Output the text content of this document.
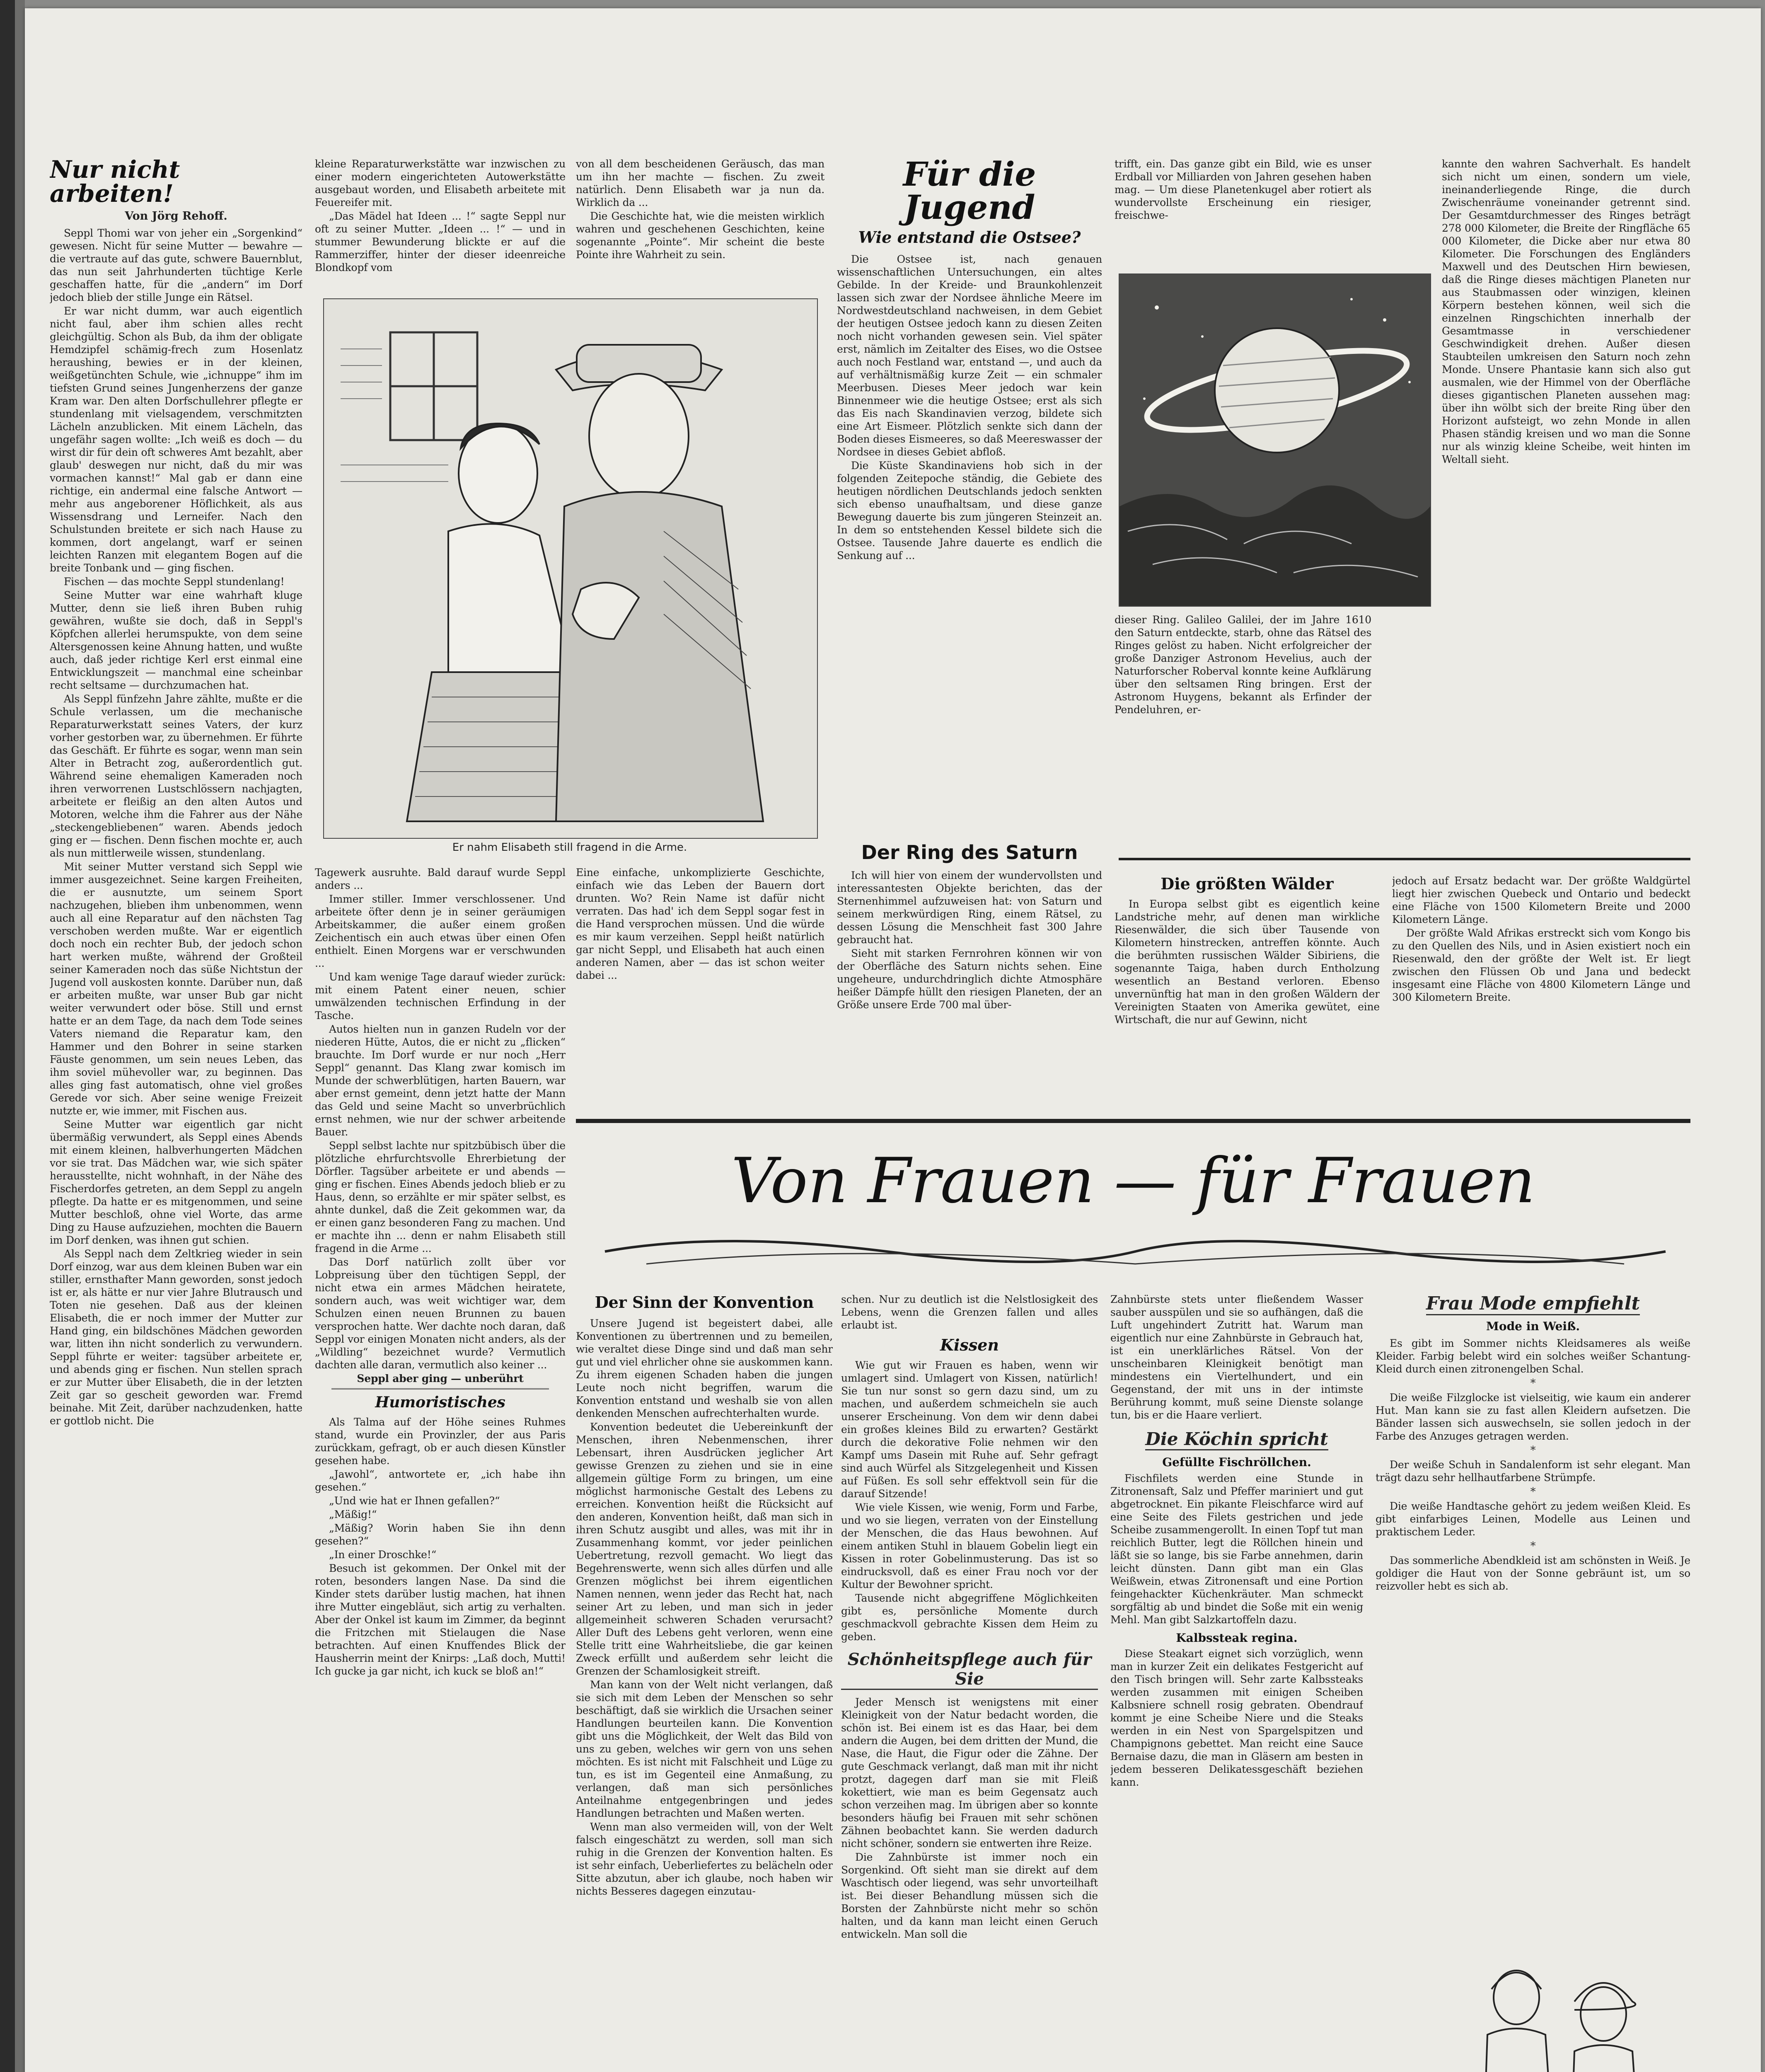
Nur nicht arbeiten!
Von Jörg Rehoff.

Seppl Thomi war von jeher ein „Sorgenkind“ gewesen. Nicht für seine Mutter — bewahre — die vertraute auf das gute, schwere Bauernblut, das nun seit Jahrhunderten tüchtige Kerle geschaffen hatte, für die „andern“ im Dorf jedoch blieb der stille Junge ein Rätsel.

Er war nicht dumm, war auch eigentlich nicht faul, aber ihm schien alles recht gleichgültig. Schon als Bub, da ihm der obligate Hemdzipfel schämig-frech zum Hosenlatz heraushing, bewies er in der kleinen, weißgetünchten Schule, wie „ichnuppe“ ihm im tiefsten Grund seines Jungenherzens der ganze Kram war. Den alten Dorfschullehrer pflegte er stundenlang mit vielsagendem, verschmitzten Lächeln anzublicken. Mit einem Lächeln, das ungefähr sagen wollte: „Ich weiß es doch — du wirst dir für dein oft schweres Amt bezahlt, aber glaub' deswegen nur nicht, daß du mir was vormachen kannst!“ Mal gab er dann eine richtige, ein andermal eine falsche Antwort — mehr aus angeborener Höflichkeit, als aus Wissensdrang und Lerneifer. Nach den Schulstunden breitete er sich nach Hause zu kommen, dort angelangt, warf er seinen leichten Ranzen mit elegantem Bogen auf die breite Tonbank und — ging fischen.

Fischen — das mochte Seppl stundenlang!

Seine Mutter war eine wahrhaft kluge Mutter, denn sie ließ ihren Buben ruhig gewähren, wußte sie doch, daß in Seppl's Köpfchen allerlei herumspukte, von dem seine Altersgenossen keine Ahnung hatten, und wußte auch, daß jeder richtige Kerl erst einmal eine Entwicklungszeit — manchmal eine scheinbar recht seltsame — durchzumachen hat.

Als Seppl fünfzehn Jahre zählte, mußte er die Schule verlassen, um die mechanische Reparaturwerkstatt seines Vaters, der kurz vorher gestorben war, zu übernehmen. Er führte das Geschäft. Er führte es sogar, wenn man sein Alter in Betracht zog, außerordentlich gut. Während seine ehemaligen Kameraden noch ihren verworrenen Lustschlössern nachjagten, arbeitete er fleißig an den alten Autos und Motoren, welche ihm die Fahrer aus der Nähe „steckengebliebenen“ waren. Abends jedoch ging er — fischen. Denn fischen mochte er, auch als nun mittlerweile wissen, stundenlang.

Mit seiner Mutter verstand sich Seppl wie immer ausgezeichnet. Seine kargen Freiheiten, die er ausnutzte, um seinem Sport nachzugehen, blieben ihm unbenommen, wenn auch all eine Reparatur auf den nächsten Tag verschoben werden mußte. War er eigentlich doch noch ein rechter Bub, der jedoch schon hart werken mußte, während der Großteil seiner Kameraden noch das süße Nichtstun der Jugend voll auskosten konnte. Darüber nun, daß er arbeiten mußte, war unser Bub gar nicht weiter verwundert oder böse. Still und ernst hatte er an dem Tage, da nach dem Tode seines Vaters niemand die Reparatur kam, den Hammer und den Bohrer in seine starken Fäuste genommen, um sein neues Leben, das ihm soviel mühevoller war, zu beginnen. Das alles ging fast automatisch, ohne viel großes Gerede vor sich. Aber seine wenige Freizeit nutzte er, wie immer, mit Fischen aus.

Seine Mutter war eigentlich gar nicht übermäßig verwundert, als Seppl eines Abends mit einem kleinen, halbverhungerten Mädchen vor sie trat. Das Mädchen war, wie sich später herausstellte, nicht wohnhaft, in der Nähe des Fischerdorfes getreten, an dem Seppl zu angeln pflegte. Da hatte er es mitgenommen, und seine Mutter beschloß, ohne viel Worte, das arme Ding zu Hause aufzuziehen, mochten die Bauern im Dorf denken, was ihnen gut schien.

Als Seppl nach dem Zeltkrieg wieder in sein Dorf einzog, war aus dem kleinen Buben war ein stiller, ernsthafter Mann geworden, sonst jedoch ist er, als hätte er nur vier Jahre Blutrausch und Toten nie gesehen. Daß aus der kleinen Elisabeth, die er noch immer der Mutter zur Hand ging, ein bildschönes Mädchen geworden war, litten ihn nicht sonderlich zu verwundern. Seppl führte er weiter: tagsüber arbeitete er, und abends ging er fischen. Nun stellen sprach er zur Mutter über Elisabeth, die in der letzten Zeit gar so gescheit geworden war. Fremd beinahe. Mit Zeit, darüber nachzudenken, hatte er gottlob nicht. Die

kleine Reparaturwerkstätte war inzwischen zu einer modern eingerichteten Autowerkstätte ausgebaut worden, und Elisabeth arbeitete mit Feuereifer mit.

„Das Mädel hat Ideen ... !“ sagte Seppl nur oft zu seiner Mutter. „Ideen ... !“ — und in stummer Bewunderung blickte er auf die Rammerziffer, hinter der dieser ideenreiche Blondkopf vom

von all dem bescheidenen Geräusch, das man um ihn her machte — fischen. Zu zweit natürlich. Denn Elisabeth war ja nun da. Wirklich da ...

Die Geschichte hat, wie die meisten wirklich wahren und geschehenen Geschichten, keine sogenannte „Pointe“. Mir scheint die beste Pointe ihre Wahrheit zu sein.

Er nahm Elisabeth still fragend in die Arme.

Tagewerk ausruhte. Bald darauf wurde Seppl anders ...

Immer stiller. Immer verschlossener. Und arbeitete öfter denn je in seiner geräumigen Arbeitskammer, die außer einem großen Zeichentisch ein auch etwas über einen Ofen enthielt. Einen Morgens war er verschwunden ...

Und kam wenige Tage darauf wieder zurück: mit einem Patent einer neuen, schier umwälzenden technischen Erfindung in der Tasche.

Autos hielten nun in ganzen Rudeln vor der niederen Hütte, Autos, die er nicht zu „flicken“ brauchte. Im Dorf wurde er nur noch „Herr Seppl“ genannt. Das Klang zwar komisch im Munde der schwerblütigen, harten Bauern, war aber ernst gemeint, denn jetzt hatte der Mann das Geld und seine Macht so unverbrüchlich ernst nehmen, wie nur der schwer arbeitende Bauer.

Seppl selbst lachte nur spitzbübisch über die plötzliche ehrfurchtsvolle Ehrerbietung der Dörfler. Tagsüber arbeitete er und abends — ging er fischen. Eines Abends jedoch blieb er zu Haus, denn, so erzählte er mir später selbst, es ahnte dunkel, daß die Zeit gekommen war, da er einen ganz besonderen Fang zu machen. Und er machte ihn ... denn er nahm Elisabeth still fragend in die Arme ...

Das Dorf natürlich zollt über vor Lobpreisung über den tüchtigen Seppl, der nicht etwa ein armes Mädchen heiratete, sondern auch, was weit wichtiger war, dem Schulzen einen neuen Brunnen zu bauen versprochen hatte. Wer dachte noch daran, daß Seppl vor einigen Monaten nicht anders, als der „Wildling“ bezeichnet wurde? Vermutlich dachten alle daran, vermutlich also keiner ...

Seppl aber ging — unberührt

Humoristisches

Als Talma auf der Höhe seines Ruhmes stand, wurde ein Provinzler, der aus Paris zurückkam, gefragt, ob er auch diesen Künstler gesehen habe.

„Jawohl“, antwortete er, „ich habe ihn gesehen.“

„Und wie hat er Ihnen gefallen?“

„Mäßig!“

„Mäßig? Worin haben Sie ihn denn gesehen?“

„In einer Droschke!“

Besuch ist gekommen. Der Onkel mit der roten, besonders langen Nase. Da sind die Kinder stets darüber lustig machen, hat ihnen ihre Mutter eingebläut, sich artig zu verhalten. Aber der Onkel ist kaum im Zimmer, da beginnt die Fritzchen mit Stielaugen die Nase betrachten. Auf einen Knuffendes Blick der Hausherrin meint der Knirps: „Laß doch, Mutti! Ich gucke ja gar nicht, ich kuck se bloß an!“

Eine einfache, unkomplizierte Geschichte, einfach wie das Leben der Bauern dort drunten. Wo? Rein Name ist dafür nicht verraten. Das had' ich dem Seppl sogar fest in die Hand versprochen müssen. Und die würde es mir kaum verzeihen. Seppl heißt natürlich gar nicht Seppl, und Elisabeth hat auch einen anderen Namen, aber — das ist schon weiter dabei ...

Für die Jugend
Wie entstand die Ostsee?

Die Ostsee ist, nach genauen wissenschaftlichen Untersuchungen, ein altes Gebilde. In der Kreide- und Braunkohlenzeit lassen sich zwar der Nordsee ähnliche Meere im Nordwestdeutschland nachweisen, in dem Gebiet der heutigen Ostsee jedoch kann zu diesen Zeiten noch nicht vorhanden gewesen sein. Viel später erst, nämlich im Zeitalter des Eises, wo die Ostsee auch noch Festland war, entstand —, und auch da auf verhältnismäßig kurze Zeit — ein schmaler Meerbusen. Dieses Meer jedoch war kein Binnenmeer wie die heutige Ostsee; erst als sich das Eis nach Skandinavien verzog, bildete sich eine Art Eismeer. Plötzlich senkte sich dann der Boden dieses Eismeeres, so daß Meereswasser der Nordsee in dieses Gebiet abfloß.

Die Küste Skandinaviens hob sich in der folgenden Zeitepoche ständig, die Gebiete des heutigen nördlichen Deutschlands jedoch senkten sich ebenso unaufhaltsam, und diese ganze Bewegung dauerte bis zum jüngeren Steinzeit an. In dem so entstehenden Kessel bildete sich die Ostsee. Tausende Jahre dauerte es endlich die Senkung auf ...

trifft, ein. Das ganze gibt ein Bild, wie es unser Erdball vor Milliarden von Jahren gesehen haben mag. — Um diese Planetenkugel aber rotiert als wundervollste Erscheinung ein riesiger, freischwe-

kannte den wahren Sachverhalt. Es handelt sich nicht um einen, sondern um viele, ineinanderliegende Ringe, die durch Zwischenräume voneinander getrennt sind. Der Gesamtdurchmesser des Ringes beträgt 278 000 Kilometer, die Breite der Ringfläche 65 000 Kilometer, die Dicke aber nur etwa 80 Kilometer. Die Forschungen des Engländers Maxwell und des Deutschen Hirn bewiesen, daß die Ringe dieses mächtigen Planeten nur aus Staubmassen oder winzigen, kleinen Körpern bestehen können, weil sich die einzelnen Ringschichten innerhalb der Gesamtmasse in verschiedener Geschwindigkeit drehen. Außer diesen Staubteilen umkreisen den Saturn noch zehn Monde. Unsere Phantasie kann sich also gut ausmalen, wie der Himmel von der Oberfläche dieses gigantischen Planeten aussehen mag: über ihn wölbt sich der breite Ring über den Horizont aufsteigt, wo zehn Monde in allen Phasen ständig kreisen und wo man die Sonne nur als winzig kleine Scheibe, weit hinten im Weltall sieht.

Der Ring des Saturn

Ich will hier von einem der wundervollsten und interessantesten Objekte berichten, das der Sternenhimmel aufzuweisen hat: von Saturn und seinem merkwürdigen Ring, einem Rätsel, zu dessen Lösung die Menschheit fast 300 Jahre gebraucht hat.

Sieht mit starken Fernrohren können wir von der Oberfläche des Saturn nichts sehen. Eine ungeheure, undurchdringlich dichte Atmosphäre heißer Dämpfe hüllt den riesigen Planeten, der an Größe unsere Erde 700 mal über-

dieser Ring. Galileo Galilei, der im Jahre 1610 den Saturn entdeckte, starb, ohne das Rätsel des Ringes gelöst zu haben. Nicht erfolgreicher der große Danziger Astronom Hevelius, auch der Naturforscher Roberval konnte keine Aufklärung über den seltsamen Ring bringen. Erst der Astronom Huygens, bekannt als Erfinder der Pendeluhren, er-

Die größten Wälder

In Europa selbst gibt es eigentlich keine Landstriche mehr, auf denen man wirkliche Riesenwälder, die sich über Tausende von Kilometern hinstrecken, antreffen könnte. Auch die berühmten russischen Wälder Sibiriens, die sogenannte Taiga, haben durch Entholzung wesentlich an Bestand verloren. Ebenso unvernünftig hat man in den großen Wäldern der Vereinigten Staaten von Amerika gewütet, eine Wirtschaft, die nur auf Gewinn, nicht

jedoch auf Ersatz bedacht war. Der größte Waldgürtel liegt hier zwischen Quebeck und Ontario und bedeckt eine Fläche von 1500 Kilometern Breite und 2000 Kilometern Länge.

Der größte Wald Afrikas erstreckt sich vom Kongo bis zu den Quellen des Nils, und in Asien existiert noch ein Riesenwald, den der größte der Welt ist. Er liegt zwischen den Flüssen Ob und Jana und bedeckt insgesamt eine Fläche von 4800 Kilometern Länge und 300 Kilometern Breite.

Von Frauen — für Frauen
Der Sinn der Konvention

Unsere Jugend ist begeistert dabei, alle Konventionen zu übertrennen und zu bemeilen, wie veraltet diese Dinge sind und daß man sehr gut und viel ehrlicher ohne sie auskommen kann. Zu ihrem eigenen Schaden haben die jungen Leute noch nicht begriffen, warum die Konvention entstand und weshalb sie von allen denkenden Menschen aufrechterhalten wurde.

Konvention bedeutet die Uebereinkunft der Menschen, ihren Nebenmenschen, ihrer Lebensart, ihren Ausdrücken jeglicher Art gewisse Grenzen zu ziehen und sie in eine allgemein gültige Form zu bringen, um eine möglichst harmonische Gestalt des Lebens zu erreichen. Konvention heißt die Rücksicht auf den anderen, Konvention heißt, daß man sich in ihren Schutz ausgibt und alles, was mit ihr in Zusammenhang kommt, vor jeder peinlichen Uebertretung, rezvoll gemacht. Wo liegt das Begehrenswerte, wenn sich alles dürfen und alle Grenzen möglichst bei ihrem eigentlichen Namen nennen, wenn jeder das Recht hat, nach seiner Art zu leben, und man sich in jeder allgemeinheit schweren Schaden verursacht? Aller Duft des Lebens geht verloren, wenn eine Stelle tritt eine Wahrheitsliebe, die gar keinen Zweck erfüllt und außerdem sehr leicht die Grenzen der Schamlosigkeit streift.

Man kann von der Welt nicht verlangen, daß sie sich mit dem Leben der Menschen so sehr beschäftigt, daß sie wirklich die Ursachen seiner Handlungen beurteilen kann. Die Konvention gibt uns die Möglichkeit, der Welt das Bild von uns zu geben, welches wir gern von uns sehen möchten. Es ist nicht mit Falschheit und Lüge zu tun, es ist im Gegenteil eine Anmaßung, zu verlangen, daß man sich persönliches Anteilnahme entgegenbringen und jedes Handlungen betrachten und Maßen werten.

Wenn man also vermeiden will, von der Welt falsch eingeschätzt zu werden, soll man sich ruhig in die Grenzen der Konvention halten. Es ist sehr einfach, Ueberliefertes zu belächeln oder Sitte abzutun, aber ich glaube, noch haben wir nichts Besseres dagegen einzutau-

schen. Nur zu deutlich ist die Nelstlosigkeit des Lebens, wenn die Grenzen fallen und alles erlaubt ist.

Kissen

Wie gut wir Frauen es haben, wenn wir umlagert sind. Umlagert von Kissen, natürlich! Sie tun nur sonst so gern dazu sind, um zu machen, und außerdem schmeicheln sie auch unserer Erscheinung. Von dem wir denn dabei ein großes kleines Bild zu erwarten? Gestärkt durch die dekorative Folie nehmen wir den Kampf ums Dasein mit Ruhe auf. Sehr gefragt sind auch Würfel als Sitzgelegenheit und Kissen auf Füßen. Es soll sehr effektvoll sein für die darauf Sitzende!

Wie viele Kissen, wie wenig, Form und Farbe, und wo sie liegen, verraten von der Einstellung der Menschen, die das Haus bewohnen. Auf einem antiken Stuhl in blauem Gobelin liegt ein Kissen in roter Gobelinmusterung. Das ist so eindrucksvoll, daß es einer Frau noch vor der Kultur der Bewohner spricht.

Tausende nicht abgegriffene Möglichkeiten gibt es, persönliche Momente durch geschmackvoll gebrachte Kissen dem Heim zu geben.

Schönheitspflege auch für Sie

Jeder Mensch ist wenigstens mit einer Kleinigkeit von der Natur bedacht worden, die schön ist. Bei einem ist es das Haar, bei dem andern die Augen, bei dem dritten der Mund, die Nase, die Haut, die Figur oder die Zähne. Der gute Geschmack verlangt, daß man mit ihr nicht protzt, dagegen darf man sie mit Fleiß kokettiert, wie man es beim Gegensatz auch schon verzeihen mag. Im übrigen aber so konnte besonders häufig bei Frauen mit sehr schönen Zähnen beobachtet kann. Sie werden dadurch nicht schöner, sondern sie entwerten ihre Reize.

Die Zahnbürste ist immer noch ein Sorgenkind. Oft sieht man sie direkt auf dem Waschtisch oder liegend, was sehr unvorteilhaft ist. Bei dieser Behandlung müssen sich die Borsten der Zahnbürste nicht mehr so schön halten, und da kann man leicht einen Geruch entwickeln. Man soll die

Zahnbürste stets unter fließendem Wasser sauber ausspülen und sie so aufhängen, daß die Luft ungehindert Zutritt hat. Warum man eigentlich nur eine Zahnbürste in Gebrauch hat, ist ein unerklärliches Rätsel. Von der unscheinbaren Kleinigkeit benötigt man mindestens ein Viertelhundert, und ein Gegenstand, der mit uns in der intimste Berührung kommt, muß seine Dienste solange tun, bis er die Haare verliert.

Die Köchin spricht
Gefüllte Fischröllchen.

Fischfilets werden eine Stunde in Zitronensaft, Salz und Pfeffer mariniert und gut abgetrocknet. Ein pikante Fleischfarce wird auf eine Seite des Filets gestrichen und jede Scheibe zusammengerollt. In einen Topf tut man reichlich Butter, legt die Röllchen hinein und läßt sie so lange, bis sie Farbe annehmen, darin leicht dünsten. Dann gibt man ein Glas Weißwein, etwas Zitronensaft und eine Portion feingehackter Küchenkräuter. Man schmeckt sorgfältig ab und bindet die Soße mit ein wenig Mehl. Man gibt Salzkartoffeln dazu.

Kalbssteak regina.

Diese Steakart eignet sich vorzüglich, wenn man in kurzer Zeit ein delikates Festgericht auf den Tisch bringen will. Sehr zarte Kalbssteaks werden zusammen mit einigen Scheiben Kalbsniere schnell rosig gebraten. Obendrauf kommt je eine Scheibe Niere und die Steaks werden in ein Nest von Spargelspitzen und Champignons gebettet. Man reicht eine Sauce Bernaise dazu, die man in Gläsern am besten in jedem besseren Delikatessgeschäft beziehen kann.

Frau Mode empfiehlt
Mode in Weiß.

Es gibt im Sommer nichts Kleidsameres als weiße Kleider. Farbig belebt wird ein solches weißer Schantung-Kleid durch einen zitronengelben Schal.

*

Die weiße Filzglocke ist vielseitig, wie kaum ein anderer Hut. Man kann sie zu fast allen Kleidern aufsetzen. Die Bänder lassen sich auswechseln, sie sollen jedoch in der Farbe des Anzuges getragen werden.

*

Der weiße Schuh in Sandalenform ist sehr elegant. Man trägt dazu sehr hellhautfarbene Strümpfe.

*

Die weiße Handtasche gehört zu jedem weißen Kleid. Es gibt einfarbiges Leinen, Modelle aus Leinen und praktischem Leder.

*

Das sommerliche Abendkleid ist am schönsten in Weiß. Je goldiger die Haut von der Sonne gebräunt ist, um so reizvoller hebt es sich ab.
